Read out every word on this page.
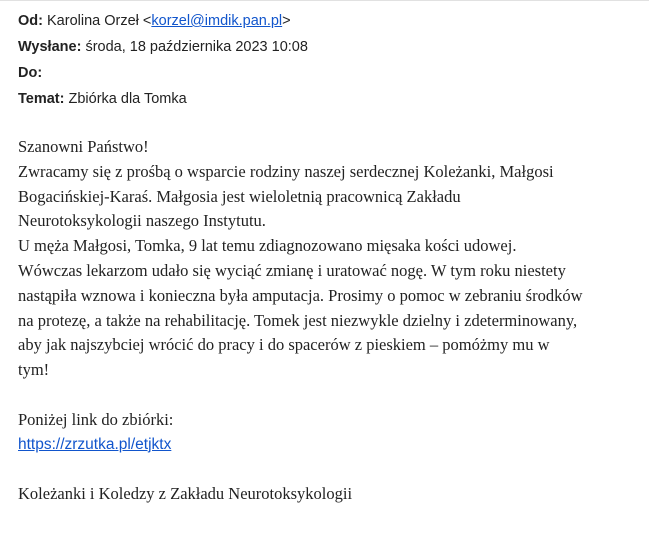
Od: Karolina Orzeł <korzel@imdik.pan.pl>
Wysłane: środa, 18 października 2023 10:08
Do:
Temat: Zbiórka dla Tomka

Szanowni Państwo!

Zwracamy się z prośbą o wsparcie rodziny naszej serdecznej Koleżanki, Małgosi

Bogacińskiej-Karaś. Małgosia jest wieloletnią pracownicą Zakładu

Neurotoksykologii naszego Instytutu.

U męża Małgosi, Tomka, 9 lat temu zdiagnozowano mięsaka kości udowej.

Wówczas lekarzom udało się wyciąć zmianę i uratować nogę. W tym roku niestety

nastąpiła wznowa i konieczna była amputacja. Prosimy o pomoc w zebraniu środków

na protezę, a także na rehabilitację. Tomek jest niezwykle dzielny i zdeterminowany,

aby jak najszybciej wrócić do pracy i do spacerów z pieskiem – pomóżmy mu w

tym!

Poniżej link do zbiórki:

https://zrzutka.pl/etjktx

Koleżanki i Koledzy z Zakładu Neurotoksykologii
